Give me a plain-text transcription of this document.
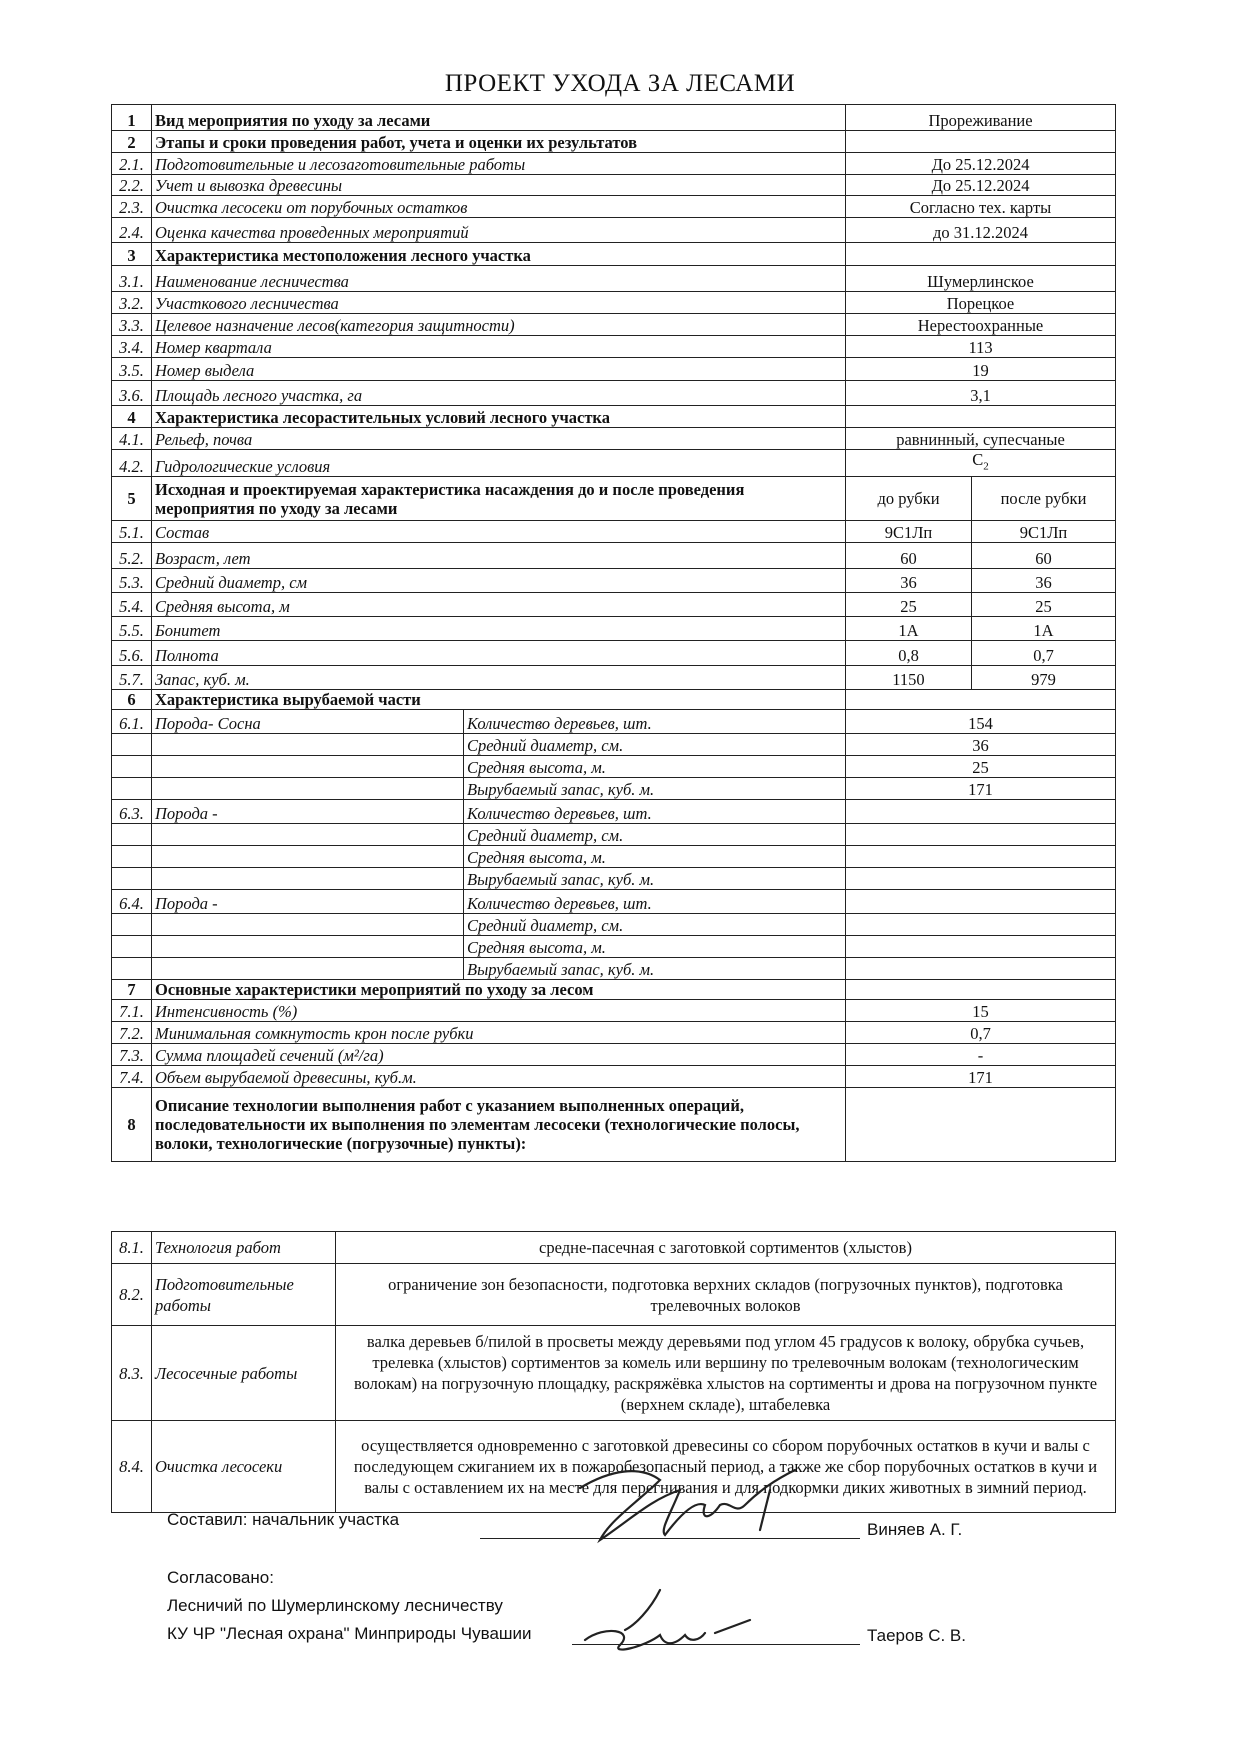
ПРОЕКТ УХОДА ЗА ЛЕСАМИ
1	Вид мероприятия по уходу за лесами		Прореживание	
2	Этапы и сроки проведения работ, учета и оценки их результатов			
2.1.	Подготовительные и лесозаготовительные работы		До 25.12.2024	
2.2.	Учет и вывозка древесины		До 25.12.2024	
2.3.	Очистка лесосеки от порубочных остатков		Согласно тех. карты	
2.4.	Оценка качества проведенных мероприятий		до 31.12.2024	
3	Характеристика местоположения лесного участка			
3.1.	Наименование лесничества		Шумерлинское	
3.2.	Участкового лесничества		Порецкое	
3.3.	Целевое назначение лесов(категория защитности)		Нерестоохранные	
3.4.	Номер квартала		113	
3.5.	Номер выдела		19	
3.6.	Площадь лесного участка, га		3,1	
4	Характеристика лесорастительных условий лесного участка			
4.1.	Рельеф, почва		равнинный, супесчаные	
4.2.	Гидрологические условия		$C_2$
5	Исходная и проектируемая характеристика насаждения до и после проведения мероприятия по уходу за лесами		до рубки	после рубки
5.1.	Состав		9С1Лп	9С1Лп
5.2.	Возраст, лет		60	60
5.3.	Средний диаметр, см		36	36
5.4.	Средняя высота, м		25	25
5.5.	Бонитет		1А	1А
5.6.	Полнота		0,8	0,7
5.7.	Запас, куб. м.		1150	979
6	Характеристика вырубаемой части			
6.1.	Порода- Сосна	Количество деревьев, шт.	154	
		Средний диаметр, см.	36	
		Средняя высота, м.	25	
		Вырубаемый запас, куб. м.	171	
6.3.	Порода -	Количество деревьев, шт.		
		Средний диаметр, см.		
		Средняя высота, м.		
		Вырубаемый запас, куб. м.		
6.4.	Порода -	Количество деревьев, шт.		
		Средний диаметр, см.		
		Средняя высота, м.		
		Вырубаемый запас, куб. м.		
7	Основные характеристики мероприятий по уходу за лесом			
7.1.	Интенсивность (%)		15	
7.2.	Минимальная сомкнутость крон после рубки		0,7	
7.3.	Сумма площадей сечений (м²/га)		-	
7.4.	Объем вырубаемой древесины, куб.м.		171	
8	Описание технологии выполнения работ с указанием выполненных операций, последовательности их выполнения по элементам лесосеки (технологические полосы, волоки, технологические (погрузочные) пункты):			
8.1.	Технология работ	средне-пасечная с заготовкой сортиментов (хлыстов)
8.2.	Подготовительные работы	ограничение зон безопасности, подготовка верхних складов (погрузочных пунктов), подготовка трелевочных волоков
8.3.	Лесосечные работы	валка деревьев б/пилой в просветы между деревьями под углом 45 градусов к волоку, обрубка сучьев, трелевка (хлыстов) сортиментов за комель или вершину по трелевочным волокам (технологическим волокам) на погрузочную площадку, раскряжёвка хлыстов на сортименты и дрова на погрузочном пункте (верхнем складе), штабелевка
8.4.	Очистка лесосеки	осуществляется одновременно с заготовкой древесины со сбором порубочных остатков в кучи и валы с последующем сжиганием их в пожаробезопасный период, а также же сбор порубочных остатков в кучи и валы с оставлением их на месте для перегнивания и для подкормки диких животных в зимний период.
Составил: начальник участка
Виняев А. Г.
Согласовано:
Лесничий по Шумерлинскому лесничеству
КУ ЧР "Лесная охрана" Минприроды Чувашии	Таеров С. В.
